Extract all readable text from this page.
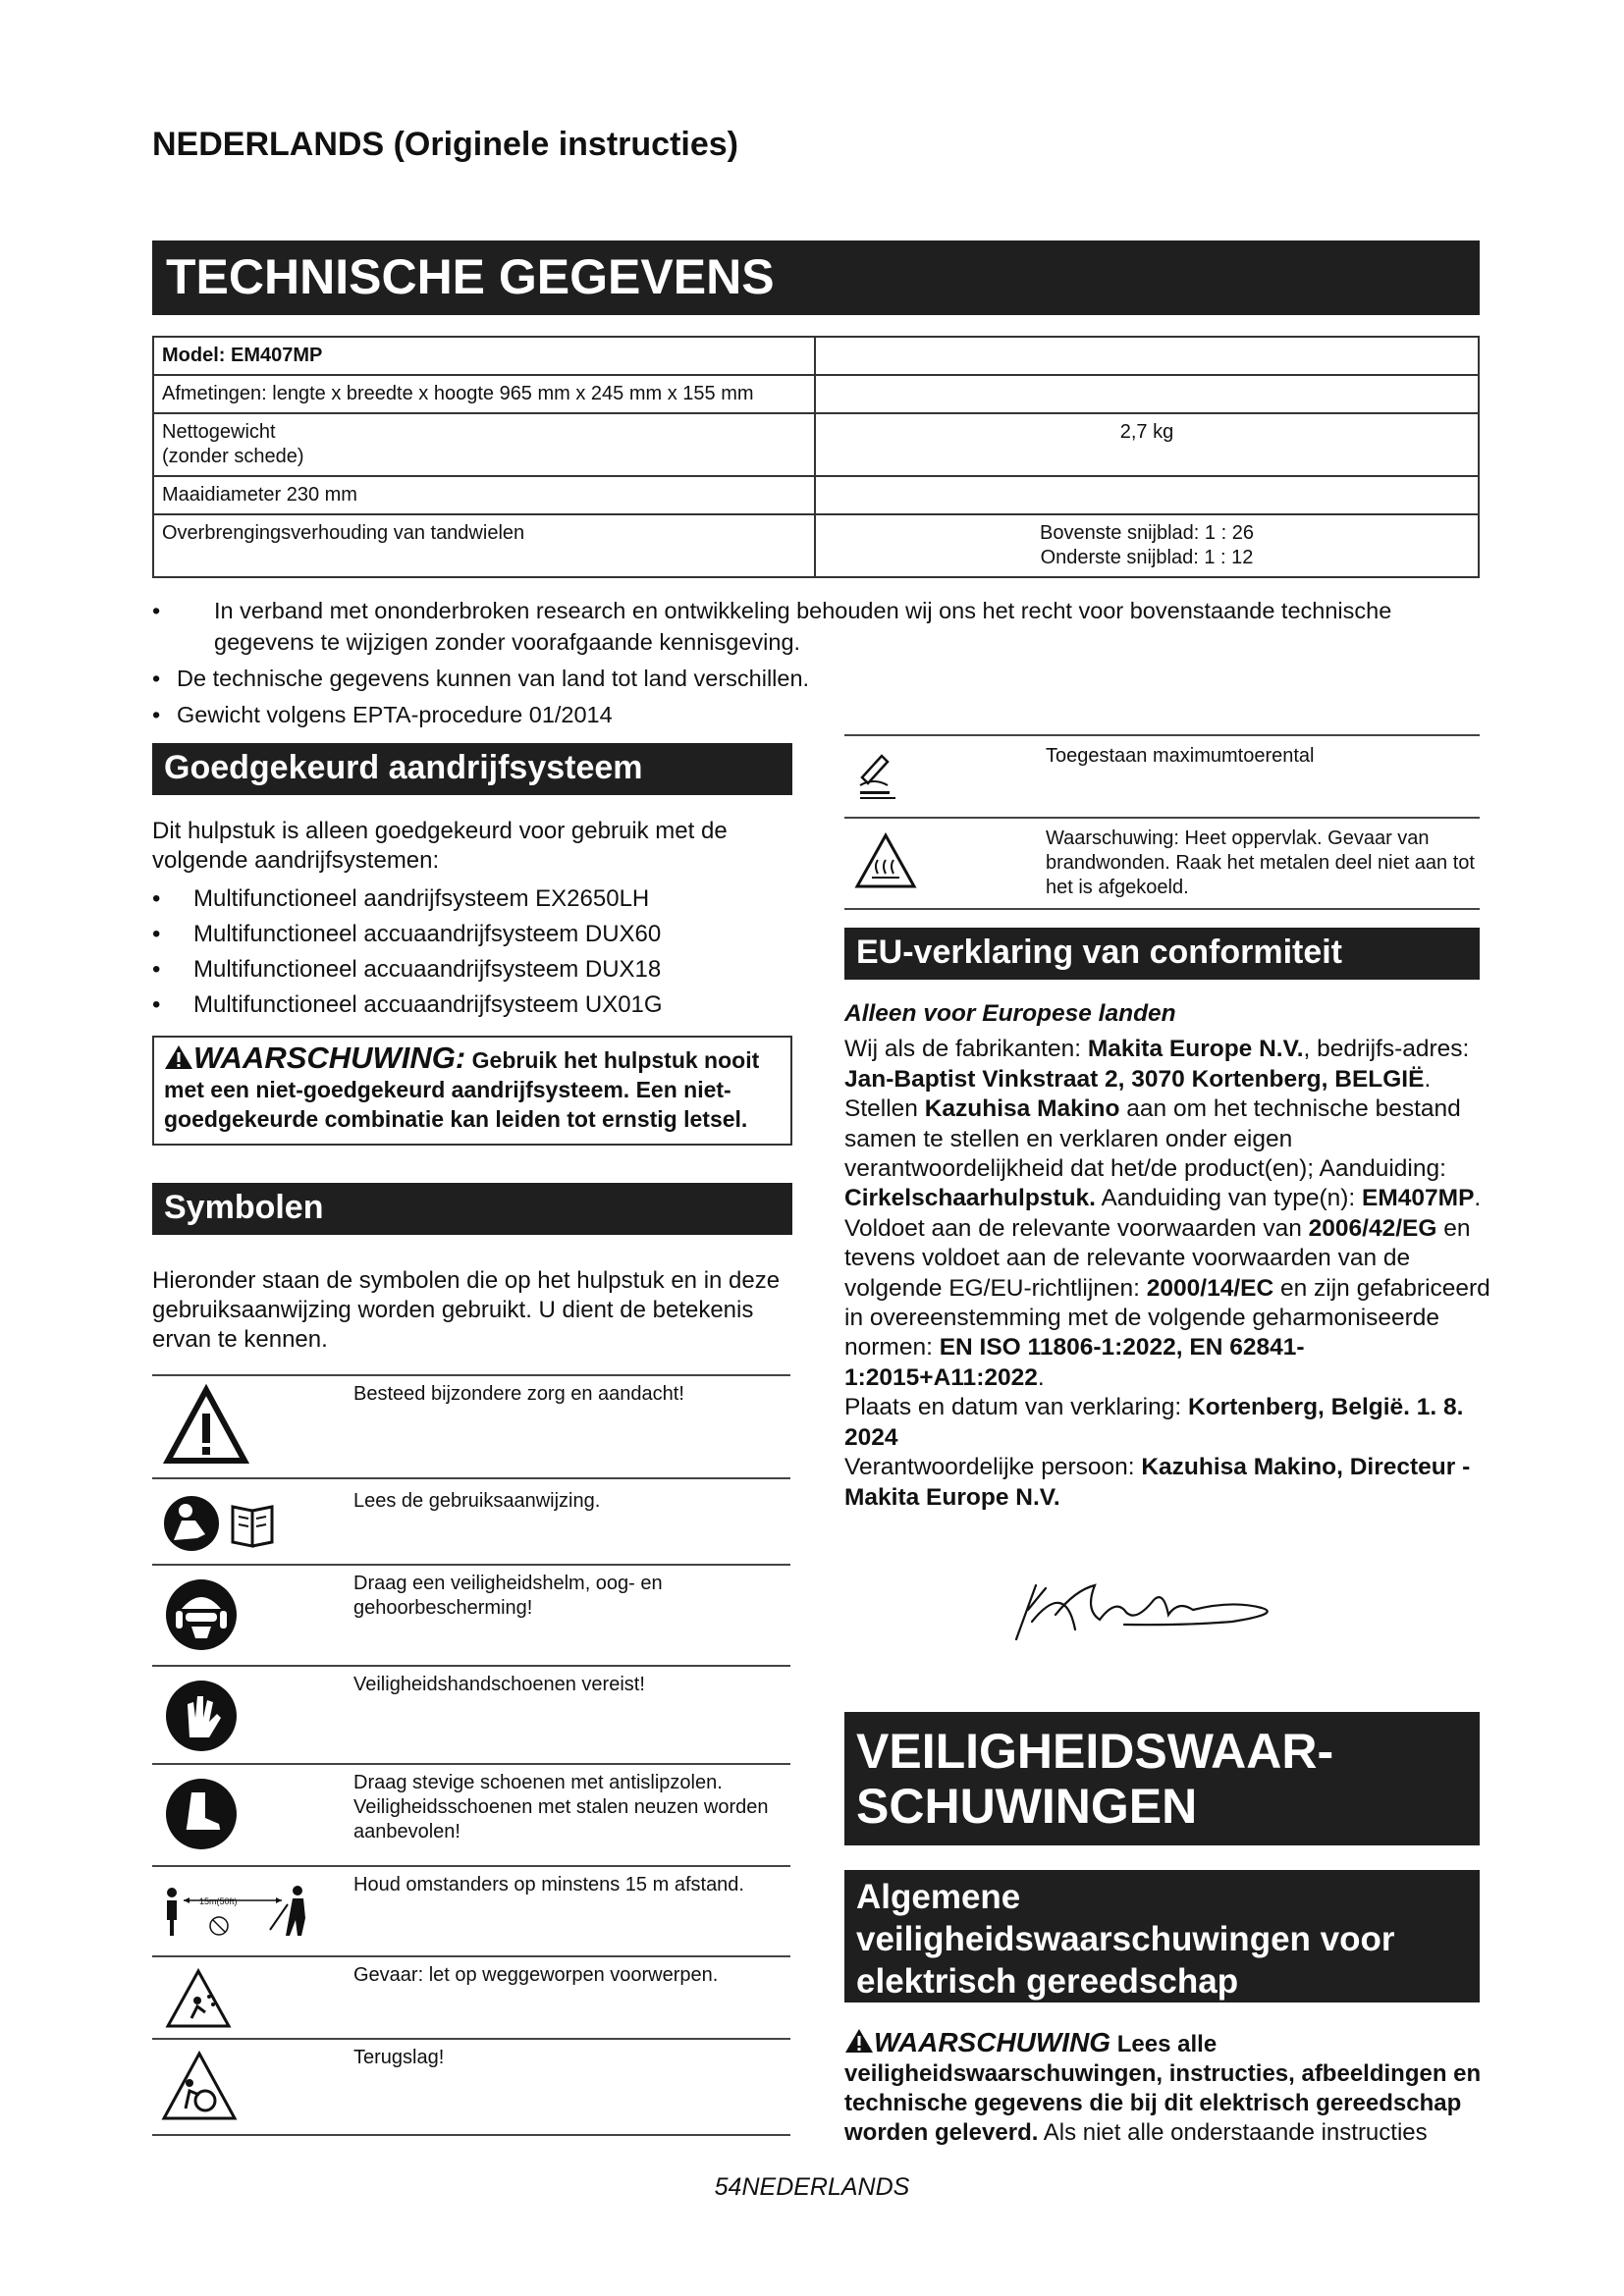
NEDERLANDS (Originele instructies)
TECHNISCHE GEGEVENS
Model: EM407MP	
Afmetingen: lengte x breedte x hoogte 965 mm x 245 mm x 155 mm	
Nettogewicht
(zonder schede)	2,7 kg
Maaidiameter 230 mm	
Overbrengingsverhouding van tandwielen	Bovenste snijblad: 1 : 26
Onderste snijblad: 1 : 12
• In verband met ononderbroken research en ontwikkeling behouden wij ons het recht voor bovenstaande technische gegevens te wijzigen zonder voorafgaande kennisgeving.
• De technische gegevens kunnen van land tot land verschillen.
• Gewicht volgens EPTA-procedure 01/2014
Goedgekeurd aandrijfsysteem
Dit hulpstuk is alleen goedgekeurd voor gebruik met de volgende aandrijfsystemen:
• Multifunctioneel aandrijfsysteem EX2650LH
• Multifunctioneel accuaandrijfsysteem DUX60
• Multifunctioneel accuaandrijfsysteem DUX18
• Multifunctioneel accuaandrijfsysteem UX01G
WAARSCHUWING: Gebruik het hulpstuk nooit met een niet-goedgekeurd aandrijfsysteem. Een niet-goedgekeurde combinatie kan leiden tot ernstig letsel.
Symbolen
Hieronder staan de symbolen die op het hulpstuk en in deze gebruiksaanwijzing worden gebruikt. U dient de betekenis ervan te kennen.
	Besteed bijzondere zorg en aandacht!
	Lees de gebruiksaanwijzing.
	Draag een veiligheidshelm, oog- en gehoorbescherming!
	Veiligheidshandschoenen vereist!
	Draag stevige schoenen met antislipzolen. Veiligheidsschoenen met stalen neuzen worden aanbevolen!

15m(50ft)	Houd omstanders op minstens 15 m afstand.
	Gevaar: let op weggeworpen voorwerpen.
	Terugslag!
	Toegestaan maximumtoerental
	Waarschuwing: Heet oppervlak. Gevaar van brandwonden. Raak het metalen deel niet aan tot het is afgekoeld.
EU-verklaring van conformiteit
Alleen voor Europese landen
Wij als de fabrikanten: Makita Europe N.V., bedrijfs-adres: Jan-Baptist Vinkstraat 2, 3070 Kortenberg, BELGIË. Stellen Kazuhisa Makino aan om het technische bestand samen te stellen en verklaren onder eigen verantwoordelijkheid dat het/de product(en); Aanduiding: Cirkelschaarhulpstuk. Aanduiding van type(n): EM407MP.
Voldoet aan de relevante voorwaarden van 2006/42/EG en tevens voldoet aan de relevante voorwaarden van de volgende EG/EU-richtlijnen: 2000/14/EC en zijn gefabriceerd in overeenstemming met de volgende geharmoniseerde normen: EN ISO 11806-1:2022, EN 62841-1:2015+A11:2022.
Plaats en datum van verklaring: Kortenberg, België. 1. 8. 2024
Verantwoordelijke persoon: Kazuhisa Makino, Directeur - Makita Europe N.V.
VEILIGHEIDSWAAR-
SCHUWINGEN
Algemene veiligheidswaarschuwingen voor elektrisch gereedschap
WAARSCHUWING Lees alle veiligheidswaarschuwingen, instructies, afbeeldingen en technische gegevens die bij dit elektrisch gereedschap worden geleverd. Als niet alle onderstaande instructies
54NEDERLANDS
